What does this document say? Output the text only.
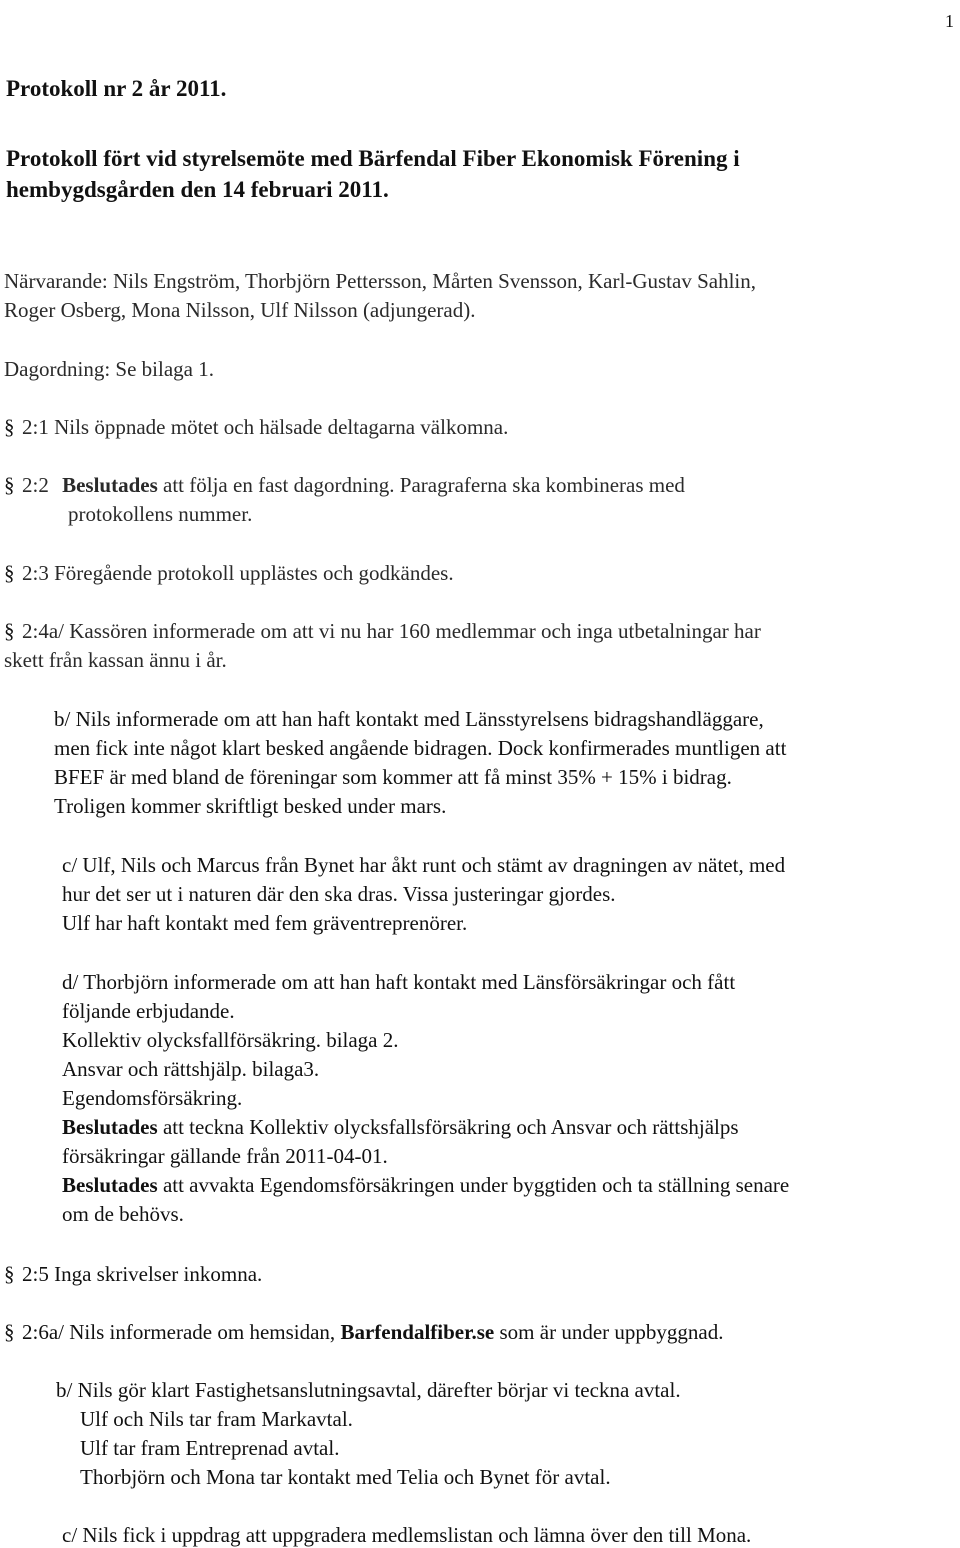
1
Protokoll nr 2 år 2011.
Protokoll fört vid styrelsemöte med Bärfendal Fiber Ekonomisk Förening i
hembygdsgården den 14 februari 2011.
Närvarande: Nils Engström, Thorbjörn Pettersson, Mårten Svensson, Karl-Gustav Sahlin,
Roger Osberg, Mona Nilsson, Ulf Nilsson (adjungerad).
Dagordning: Se bilaga 1.
§ 2:1 Nils öppnade mötet och hälsade deltagarna välkomna.
§ 2:2 Beslutades att följa en fast dagordning. Paragraferna ska kombineras med
protokollens nummer.
§ 2:3 Föregående protokoll upplästes och godkändes.
§ 2:4a/ Kassören informerade om att vi nu har 160 medlemmar och inga utbetalningar har
skett från kassan ännu i år.
b/ Nils informerade om att han haft kontakt med Länsstyrelsens bidragshandläggare,
men fick inte något klart besked angående bidragen. Dock konfirmerades muntligen att
BFEF är med bland de föreningar som kommer att få minst 35% + 15% i bidrag.
Troligen kommer skriftligt besked under mars.
c/ Ulf, Nils och Marcus från Bynet har åkt runt och stämt av dragningen av nätet, med
hur det ser ut i naturen där den ska dras. Vissa justeringar gjordes.
Ulf har haft kontakt med fem gräventreprenörer.
d/ Thorbjörn informerade om att han haft kontakt med Länsförsäkringar och fått
följande erbjudande.
Kollektiv olycksfallförsäkring. bilaga 2.
Ansvar och rättshjälp. bilaga3.
Egendomsförsäkring.
Beslutades att teckna Kollektiv olycksfallsförsäkring och Ansvar och rättshjälps
försäkringar gällande från 2011-04-01.
Beslutades att avvakta Egendomsförsäkringen under byggtiden och ta ställning senare
om de behövs.
§ 2:5 Inga skrivelser inkomna.
§ 2:6a/ Nils informerade om hemsidan, Barfendalfiber.se som är under uppbyggnad.
b/ Nils gör klart Fastighetsanslutningsavtal, därefter börjar vi teckna avtal.
Ulf och Nils tar fram Markavtal.
Ulf tar fram Entreprenad avtal.
Thorbjörn och Mona tar kontakt med Telia och Bynet för avtal.
c/ Nils fick i uppdrag att uppgradera medlemslistan och lämna över den till Mona.
